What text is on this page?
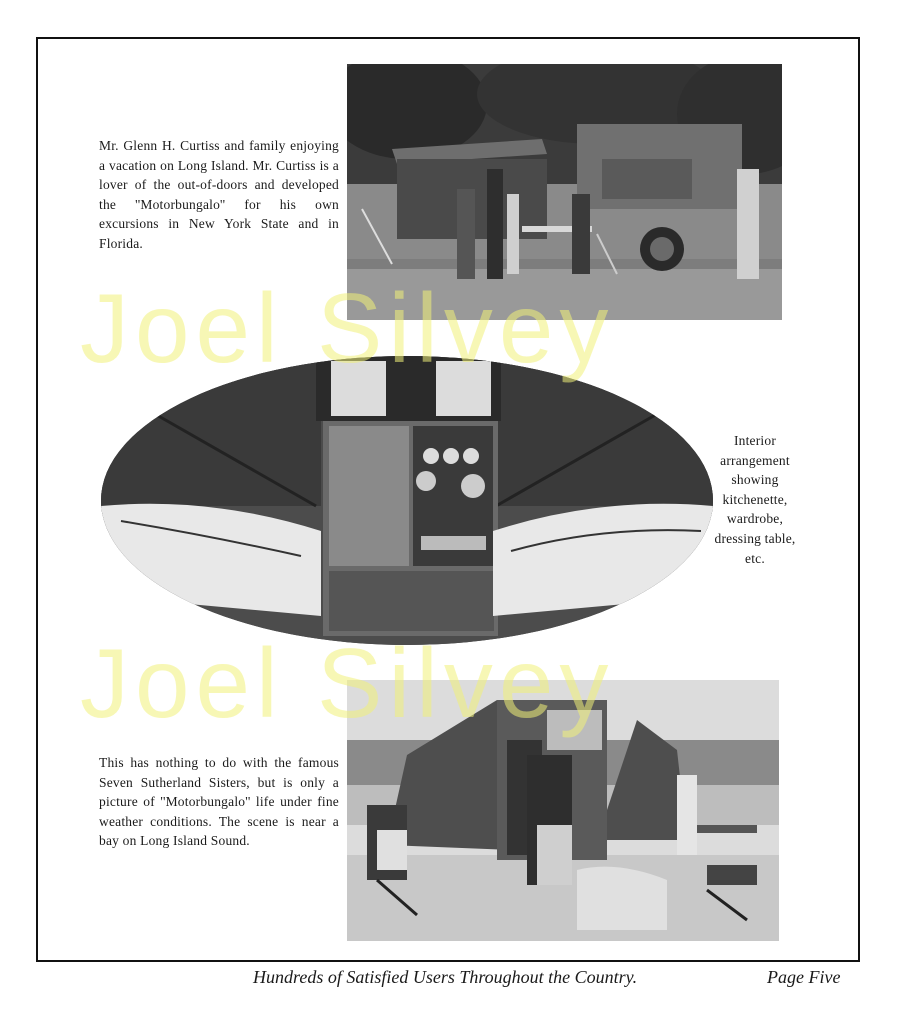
Joel Silvey
Joel Silvey
Mr. Glenn H. Curtiss and family enjoying a vacation on Long Island. Mr. Curtiss is a lover of the out-of-doors and developed the ''Motorbungalo'' for his own excursions in New York State and in Florida.
Interior arrangement showing kitchenette, wardrobe, dressing table, etc.
This has nothing to do with the famous Seven Sutherland Sisters, but is only a picture of ''Motorbungalo'' life under fine weather conditions. The scene is near a bay on Long Island Sound.
Hundreds of Satisfied Users Throughout the Country.	Page Five
